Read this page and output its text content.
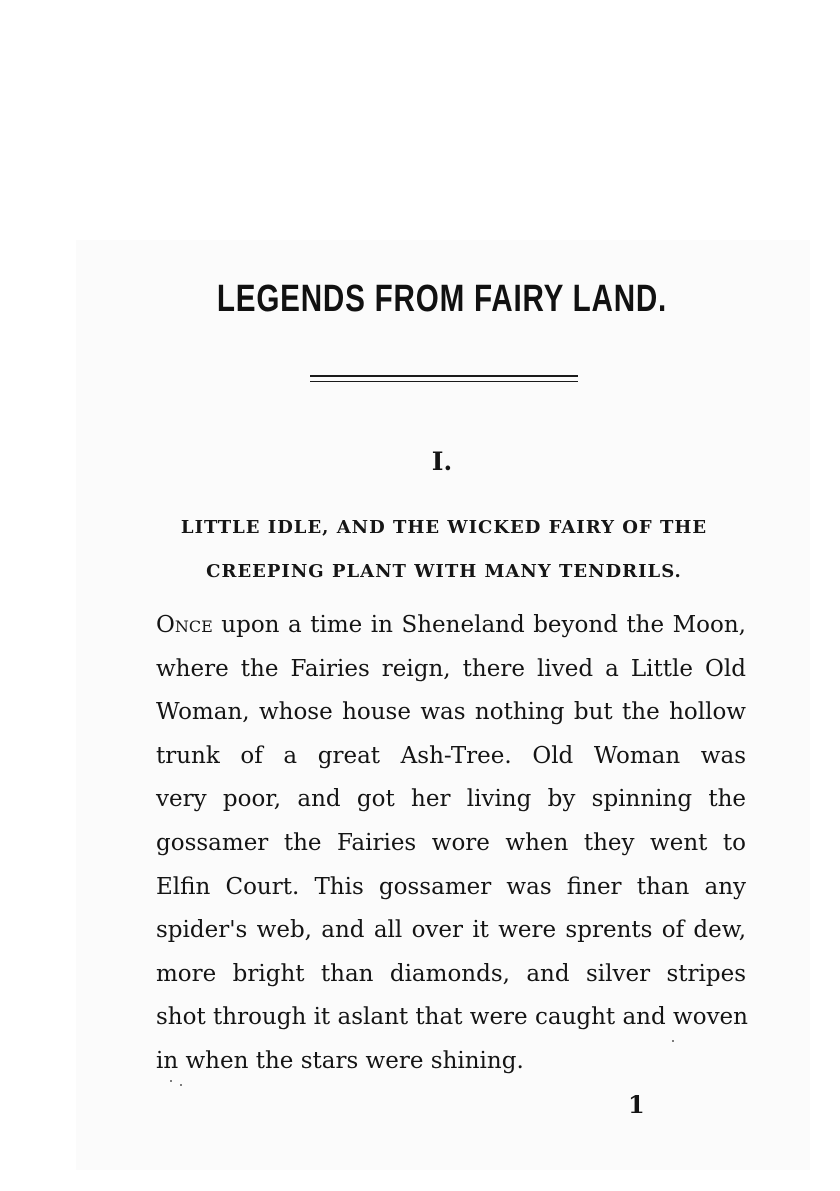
LEGENDS FROM FAIRY LAND.
I.
LITTLE IDLE, AND THE WICKED FAIRY OF THE
CREEPING PLANT WITH MANY TENDRILS.
Once upon a time in Sheneland beyond the Moon,
where the Fairies reign, there lived a Little Old
Woman, whose house was nothing but the hollow
trunk of a great Ash-Tree. Old Woman was
very poor, and got her living by spinning the
gossamer the Fairies wore when they went to
Elfin Court. This gossamer was finer than any
spider's web, and all over it were sprents of dew,
more bright than diamonds, and silver stripes
shot through it aslant that were caught and woven
in when the stars were shining.
1
